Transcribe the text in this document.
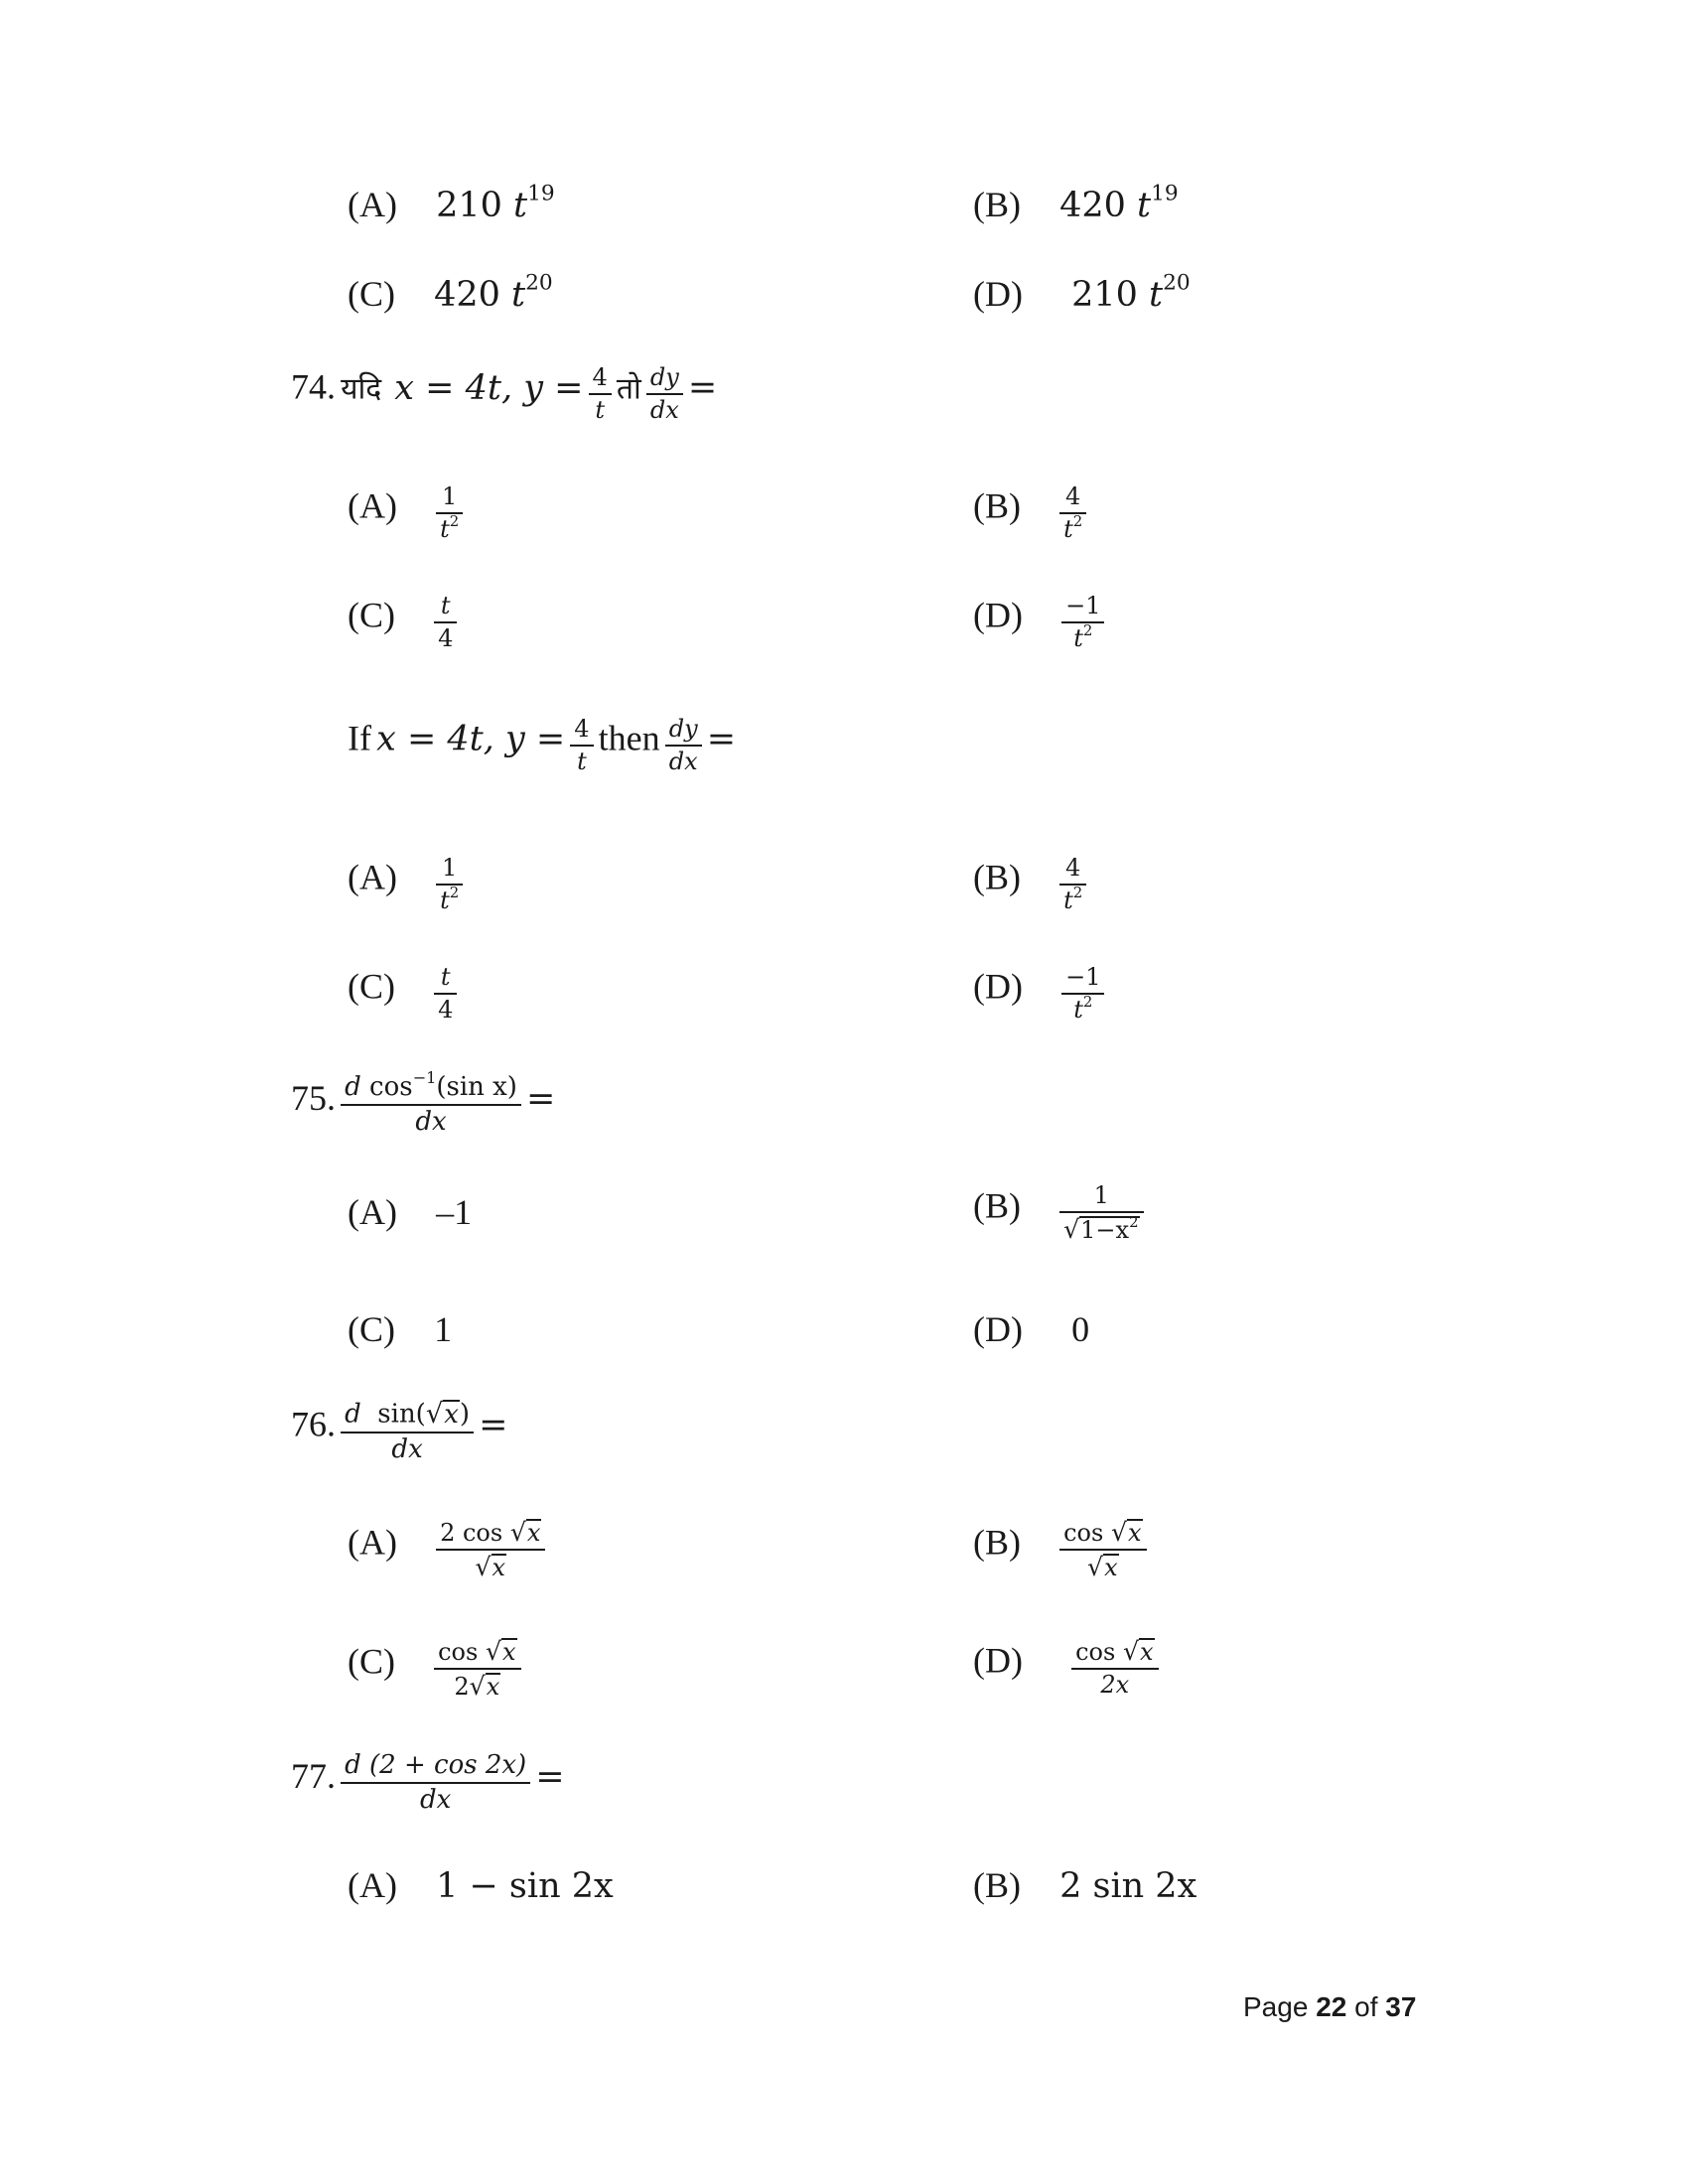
(A) 210 $t^{19}$	(B) 420 $t^{19}$
(C) 420 $t^{20}$	(D) 210 $t^{20}$
74. यदि x = 4t, $y = \frac{4}{t}$ तो $\frac{dy}{dx}$ =
$(A) \frac{1}{t^2}$	$(B) \frac{4}{t^2}$
$(C) \frac{t}{4}$	$(D) \frac{-1}{t^2}$
If x = 4t, $y = \frac{4}{t}$ then $\frac{dy}{dx}$ =
$(A) \frac{1}{t^2}$	$(B) \frac{4}{t^2}$
$(C) \frac{t}{4}$	$(D) \frac{-1}{t^2}$
75. $\frac{d \cos^{-1}(\sin x)}{dx}$ =
(A) –1	$(B) \frac{1}{√ 1-x^2}$
(C) 1	(D) 0
76. $\frac{\text{d sin( √ x )}}{dx}$ =
$(A) \frac{2 \cos √ x}{√ x}$	$(B) \frac{\cos √ x}{√ x}$
$(C) \frac{\cos √ x}{2 √ x}$	$(D) \frac{\cos √ x}{2x}$
77. $\frac{d (2 + \cos 2x)}{dx}$ =
(A) 1 − sin 2x	(B) 2 sin 2x
Page 22 of 37
